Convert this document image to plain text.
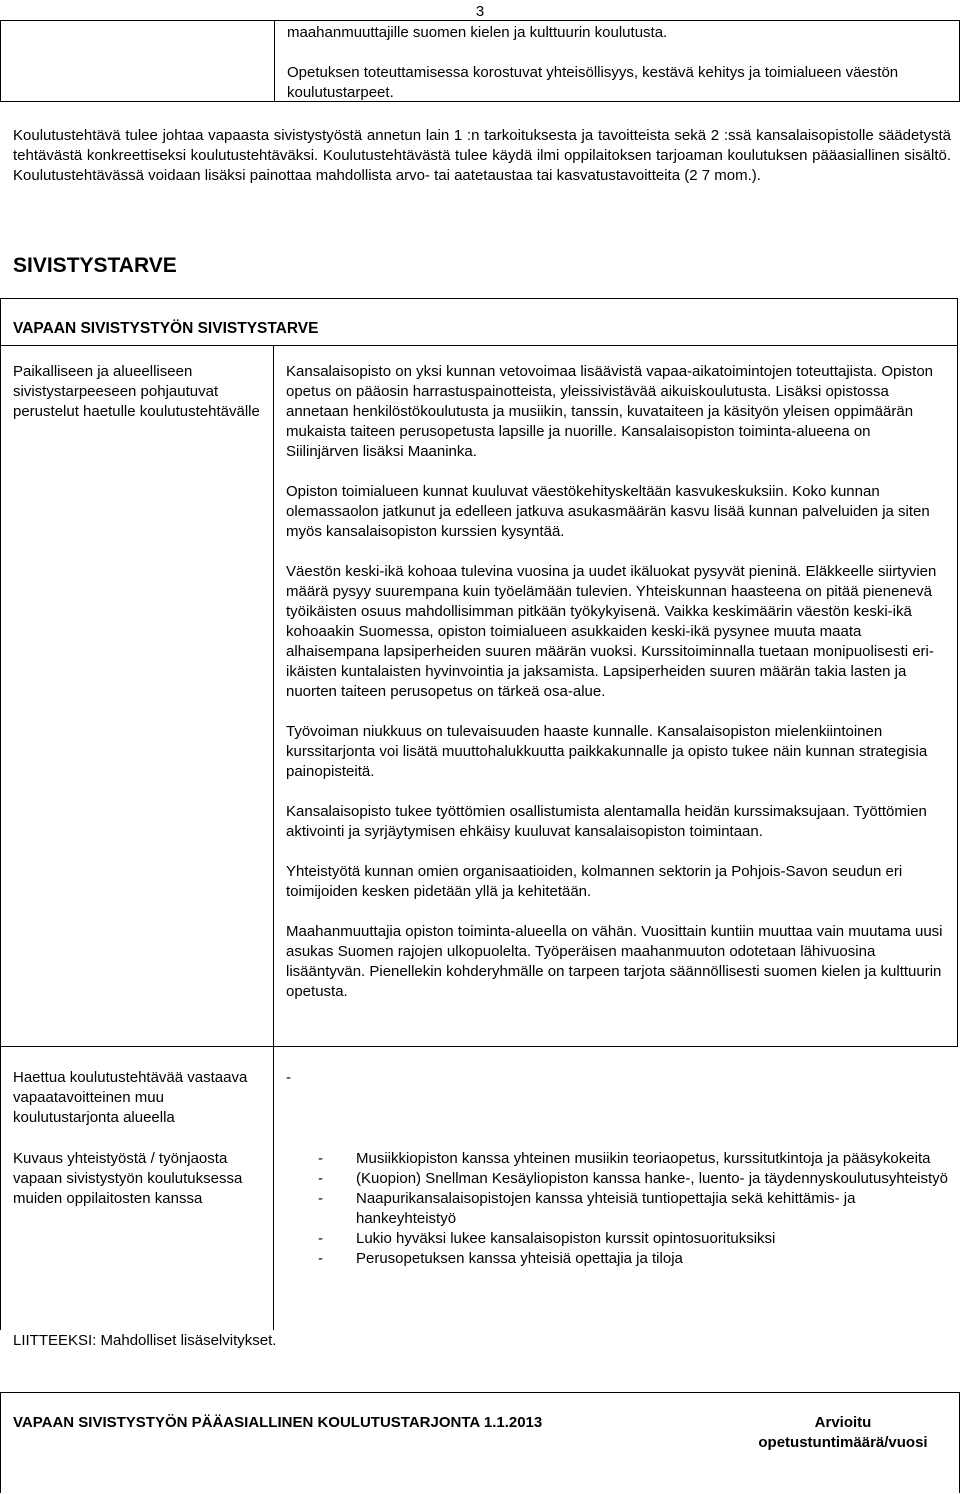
3
maahanmuuttajille suomen kielen ja kulttuurin koulutusta.
Opetuksen toteuttamisessa korostuvat yhteisöllisyys, kestävä kehitys ja toimialueen väestön koulutustarpeet.
Koulutustehtävä tulee johtaa vapaasta sivistystyöstä annetun lain 1 :n tarkoituksesta ja tavoitteista sekä 2 :ssä kansalaisopistolle säädetystä tehtävästä konkreettiseksi koulutustehtäväksi. Koulutustehtävästä tulee käydä ilmi oppilaitoksen tarjoaman koulutuksen pääasiallinen sisältö. Koulutustehtävässä voidaan lisäksi painottaa mahdollista arvo- tai aatetaustaa tai kasvatustavoitteita (2 7 mom.).
SIVISTYSTARVE
Paikalliseen ja alueelliseen sivistystarpeeseen pohjautuvat perustelut haetulle koulutustehtävälle

Kansalaisopisto on yksi kunnan vetovoimaa lisäävistä vapaa-aikatoimintojen toteuttajista. Opiston opetus on pääosin harrastuspainotteista, yleissivistävää aikuiskoulutusta. Lisäksi opistossa annetaan henkilöstökoulutusta ja musiikin, tanssin, kuvataiteen ja käsityön yleisen oppimäärän mukaista taiteen perusopetusta lapsille ja nuorille. Kansalaisopiston toiminta-alueena on Siilinjärven lisäksi Maaninka.

Opiston toimialueen kunnat kuuluvat väestökehityskeltään kasvukeskuksiin. Koko kunnan olemassaolon jatkunut ja edelleen jatkuva asukasmäärän kasvu lisää kunnan palveluiden ja siten myös kansalaisopiston kurssien kysyntää.

Väestön keski-ikä kohoaa tulevina vuosina ja uudet ikäluokat pysyvät pieninä. Eläkkeelle siirtyvien määrä pysyy suurempana kuin työelämään tulevien. Yhteiskunnan haasteena on pitää pienenevä työikäisten osuus mahdollisimman pitkään työkykyisenä. Vaikka keskimäärin väestön keski-ikä kohoaakin Suomessa, opiston toimialueen asukkaiden keski-ikä pysynee muuta maata alhaisempana lapsiperheiden suuren määrän vuoksi. Kurssitoiminnalla tuetaan monipuolisesti eri-ikäisten kuntalaisten hyvinvointia ja jaksamista. Lapsiperheiden suuren määrän takia lasten ja nuorten taiteen perusopetus on tärkeä osa-alue.

Työvoiman niukkuus on tulevaisuuden haaste kunnalle. Kansalaisopiston mielenkiintoinen kurssitarjonta voi lisätä muuttohalukkuutta paikkakunnalle ja opisto tukee näin kunnan strategisia painopisteitä.

Kansalaisopisto tukee työttömien osallistumista alentamalla heidän kurssimaksujaan. Työttömien aktivointi ja syrjäytymisen ehkäisy kuuluvat kansalaisopiston toimintaan.

Yhteistyötä kunnan omien organisaatioiden, kolmannen sektorin ja Pohjois-Savon seudun eri toimijoiden kesken pidetään yllä ja kehitetään.

Maahanmuuttajia opiston toiminta-alueella on vähän. Vuosittain kuntiin muuttaa vain muutama uusi asukas Suomen rajojen ulkopuolelta. Työperäisen maahanmuuton odotetaan lähivuosina lisääntyvän. Pienellekin kohderyhmälle on tarpeen tarjota säännöllisesti suomen kielen ja kulttuurin opetusta.

Haettua koulutustehtävää vastaava vapaatavoitteinen muu koulutustarjonta alueella
-
Kuvaus yhteistyöstä / työnjaosta vapaan sivistystyön koulutuksessa muiden oppilaitosten kanssa
- Musiikkiopiston kanssa yhteinen musiikin teoriaopetus, kurssitutkintoja ja pääsykokeita
- (Kuopion) Snellman Kesäyliopiston kanssa hanke-, luento- ja täydennyskoulutusyhteistyö
- Naapurikansalaisopistojen kanssa yhteisiä tuntiopettajia sekä kehittämis- ja hankeyhteistyö
- Lukio hyväksi lukee kansalaisopiston kurssit opintosuorituksiksi
- Perusopetuksen kanssa yhteisiä opettajia ja tiloja
VAPAAN SIVISTYSTYÖN SIVISTYSTARVE
LIITTEEKSI: Mahdolliset lisäselvitykset.
VAPAAN SIVISTYSTYÖN PÄÄASIALLINEN KOULUTUSTARJONTA 1.1.2013	Arvioitu opetustuntimäärä/vuosi
